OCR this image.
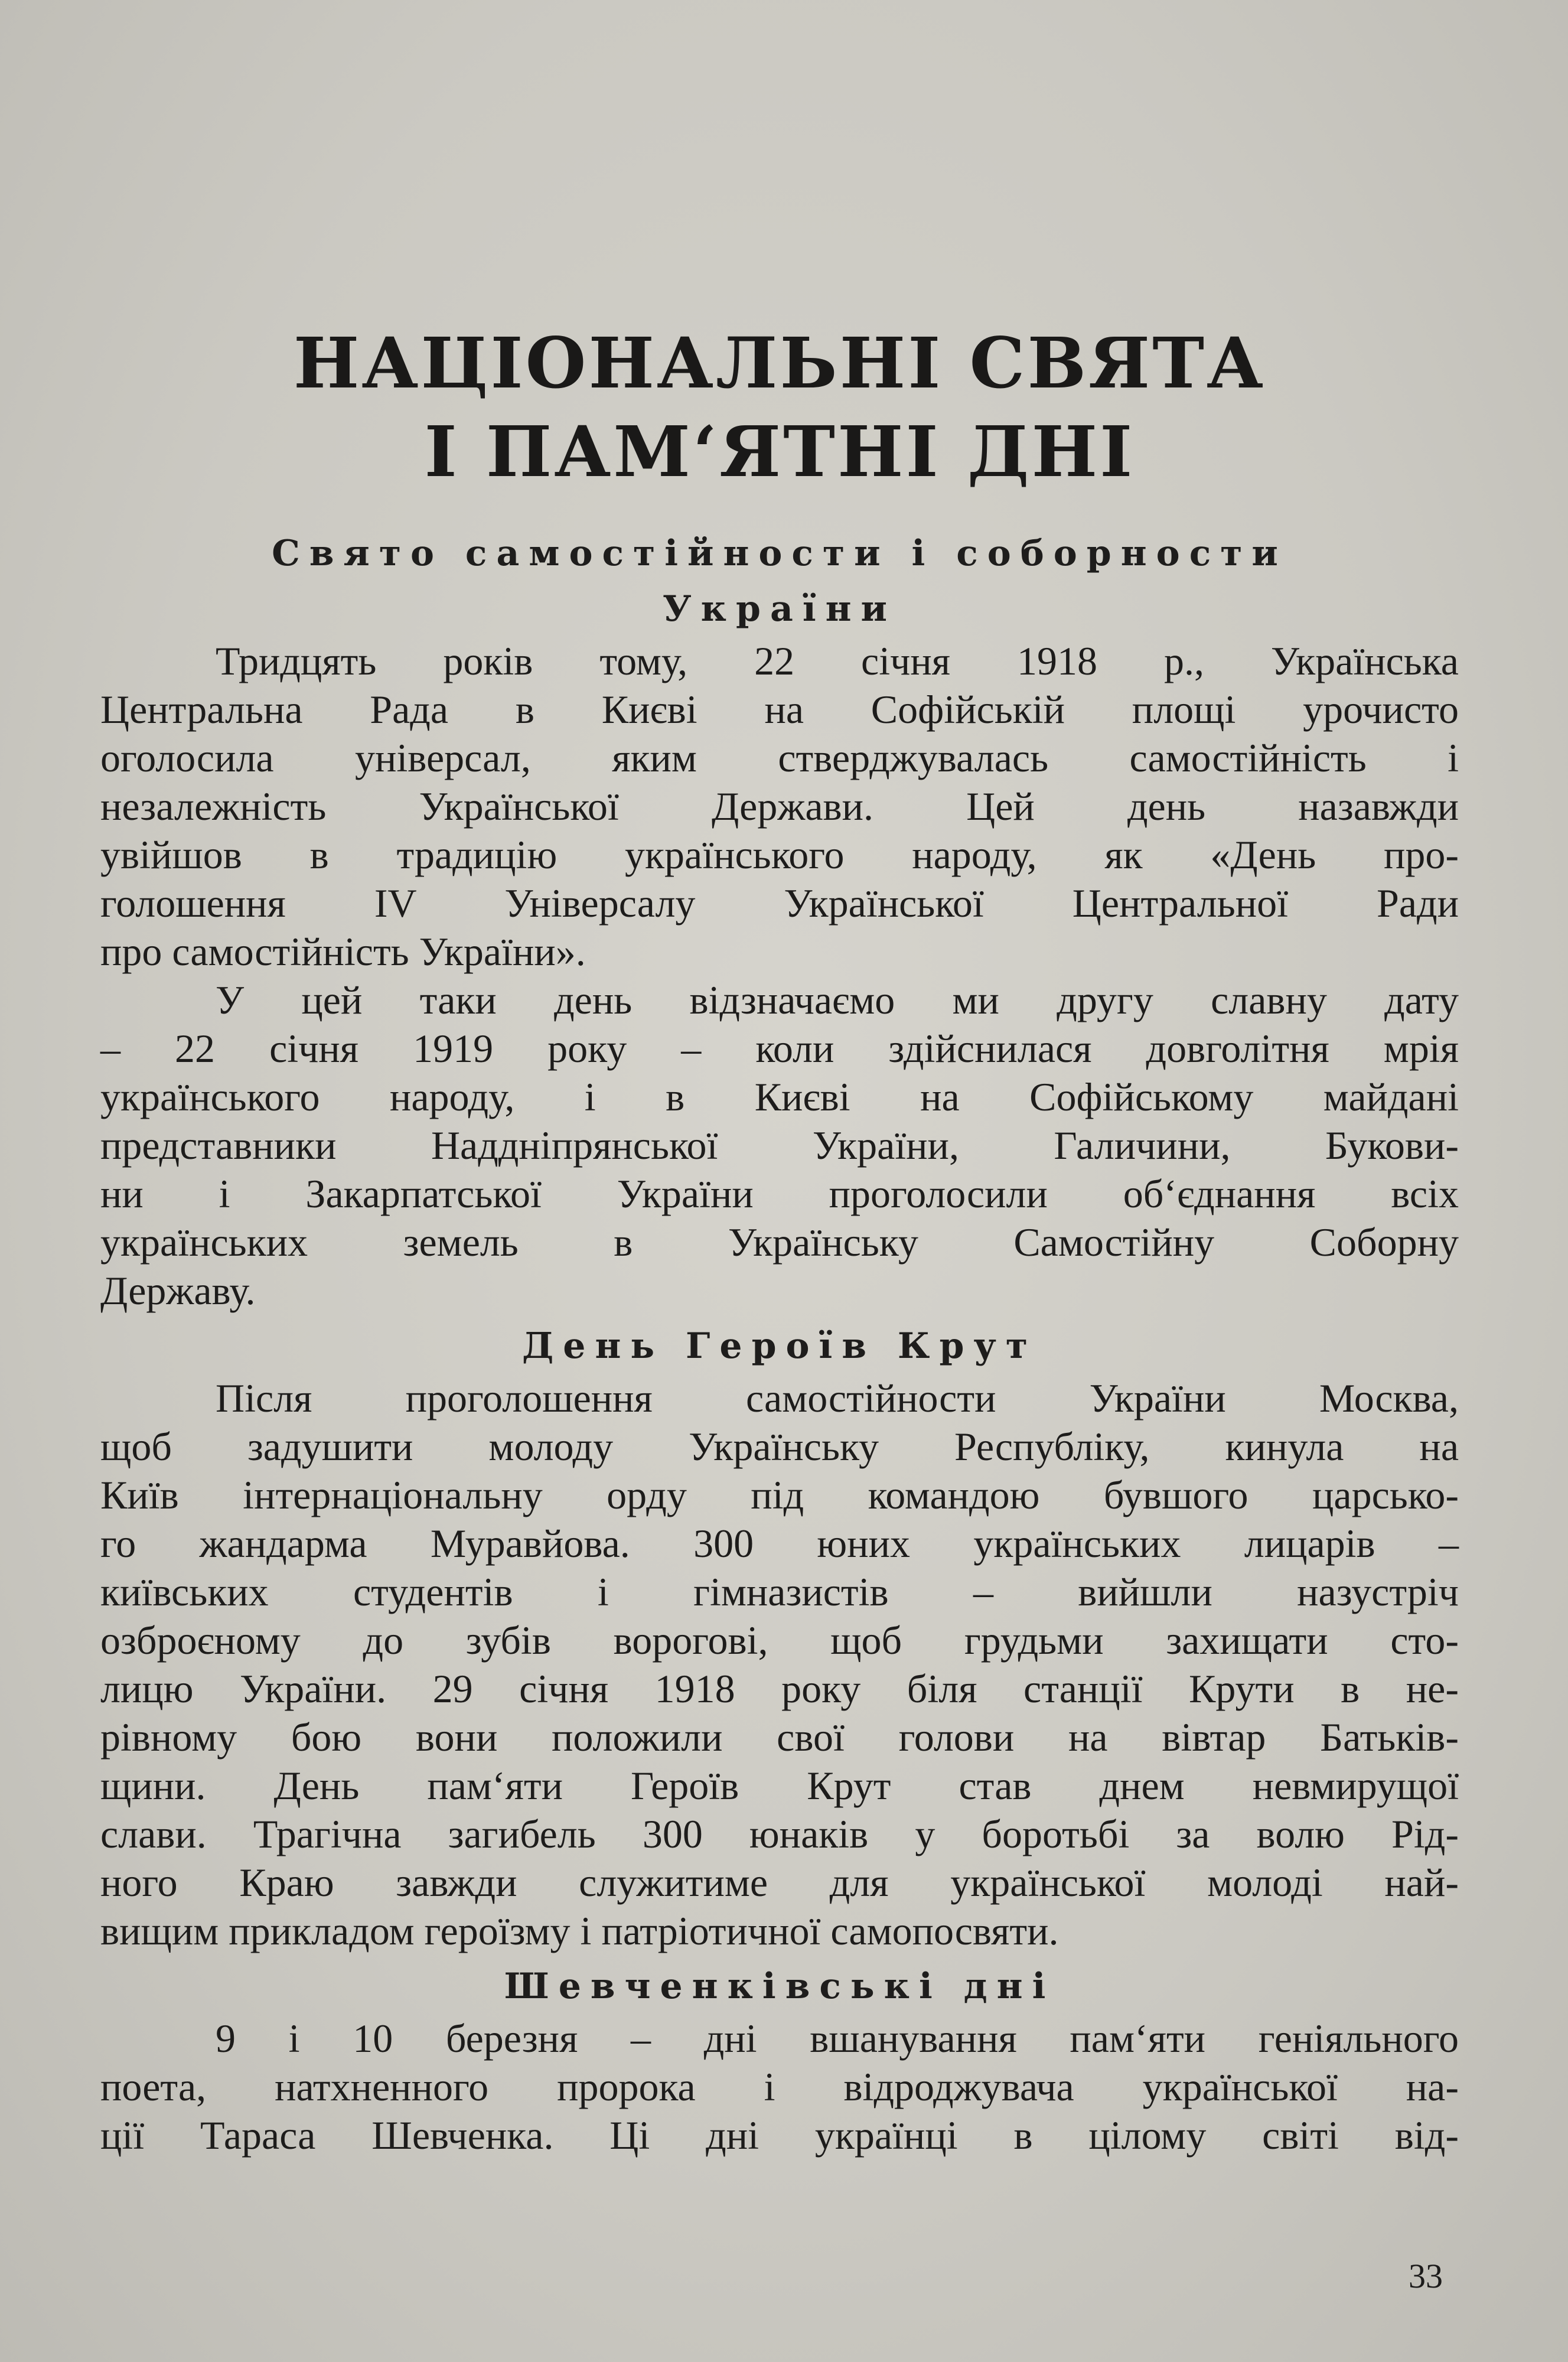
НАЦІОНАЛЬНІ СВЯТА
І ПАМ‘ЯТНІ ДНІ
Свято самостійности і соборности
України

Тридцять років тому, 22 січня 1918 р., Українська
Центральна Рада в Києві на Софійській площі урочисто
оголосила універсал, яким стверджувалась самостійність і
незалежність Української Держави. Цей день назавжди
увійшов в традицію українського народу, як «День про-
голошення IV Універсалу Української Центральної Ради
про самостійність України».

У цей таки день відзначаємо ми другу славну дату
– 22 січня 1919 року – коли здійснилася довголітня мрія
українського народу, і в Києві на Софійському майдані
представники Наддніпрянської України, Галичини, Букови-
ни і Закарпатської України проголосили об‘єднання всіх
українських земель в Українську Самостійну Соборну
Державу.

День Героїв Крут

Після проголошення самостійности України Москва,
щоб задушити молоду Українську Республіку, кинула на
Київ інтернаціональну орду під командою бувшого царсько-
го жандарма Муравйова. 300 юних українських лицарів –
київських студентів і гімназистів – вийшли назустріч
озброєному до зубів ворогові, щоб грудьми захищати сто-
лицю України. 29 січня 1918 року біля станції Крути в не-
рівному бою вони положили свої голови на вівтар Батьків-
щини. День пам‘яти Героїв Крут став днем невмирущої
слави. Трагічна загибель 300 юнаків у боротьбі за волю Рід-
ного Краю завжди служитиме для української молоді най-
вищим прикладом героїзму і патріотичної самопосвяти.

Шевченківські дні

9 і 10 березня – дні вшанування пам‘яти геніяльного
поета, натхненного пророка і відроджувача української на-
ції Тараса Шевченка. Ці дні українці в цілому світі від-

33
